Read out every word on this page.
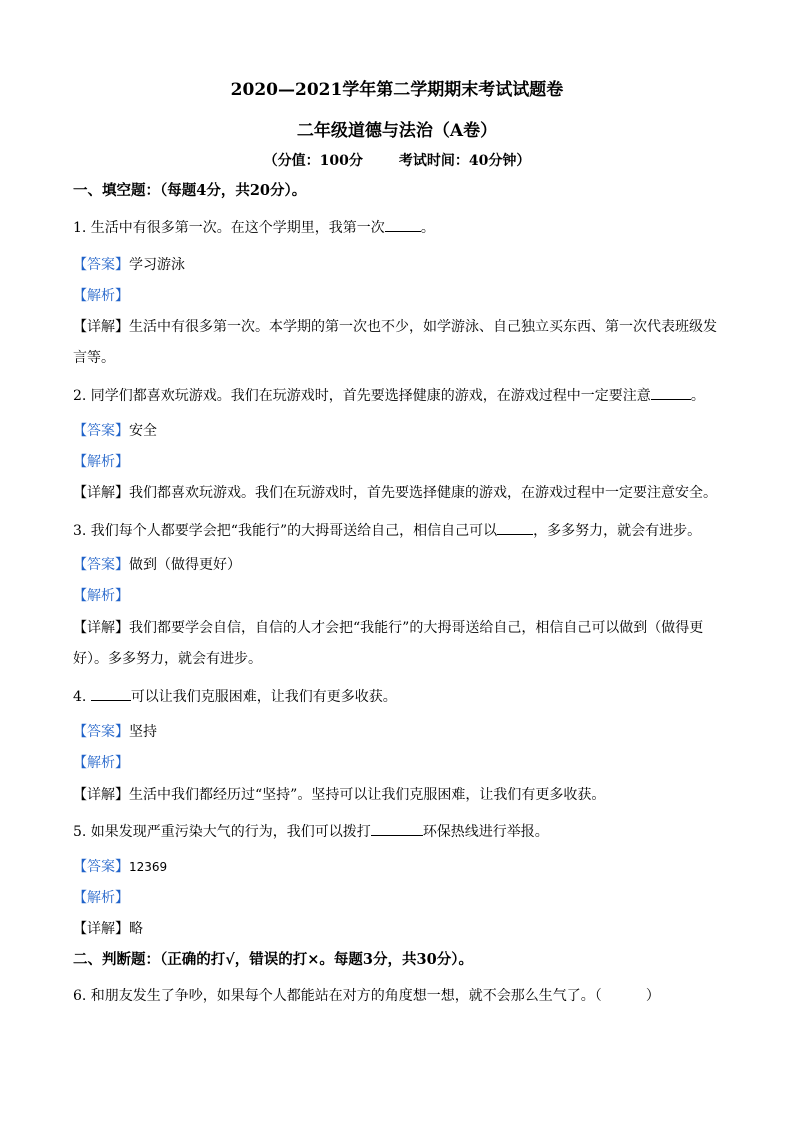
2020—2021学年第二学期期末考试试题卷
二年级道德与法治（A卷）
（分值：100分	考试时间：40分钟）
一、填空题：（每题4分，共20分）。
1. 生活中有很多第一次。在这个学期里，我第一次	。
【答案】学习游泳
【解析】
【详解】生活中有很多第一次。本学期的第一次也不少，如学游泳、自己独立买东西、第一次代表班级发
言等。
2. 同学们都喜欢玩游戏。我们在玩游戏时，首先要选择健康的游戏，在游戏过程中一定要注意	。
【答案】安全
【解析】
【详解】我们都喜欢玩游戏。我们在玩游戏时，首先要选择健康的游戏，在游戏过程中一定要注意安全。
3. 我们每个人都要学会把“我能行”的大拇哥送给自己，相信自己可以	，多多努力，就会有进步。
【答案】做到（做得更好）
【解析】
【详解】我们都要学会自信，自信的人才会把“我能行”的大拇哥送给自己，相信自己可以做到（做得更
好）。多多努力，就会有进步。
4.	可以让我们克服困难，让我们有更多收获。
【答案】坚持
【解析】
【详解】生活中我们都经历过“坚持”。坚持可以让我们克服困难，让我们有更多收获。
5. 如果发现严重污染大气的行为，我们可以拨打	环保热线进行举报。
【答案】12369
【解析】
【详解】略
二、判断题：（正确的打√，错误的打×。每题3分，共30分）。
6. 和朋友发生了争吵，如果每个人都能站在对方的角度想一想，就不会那么生气了。（	）
